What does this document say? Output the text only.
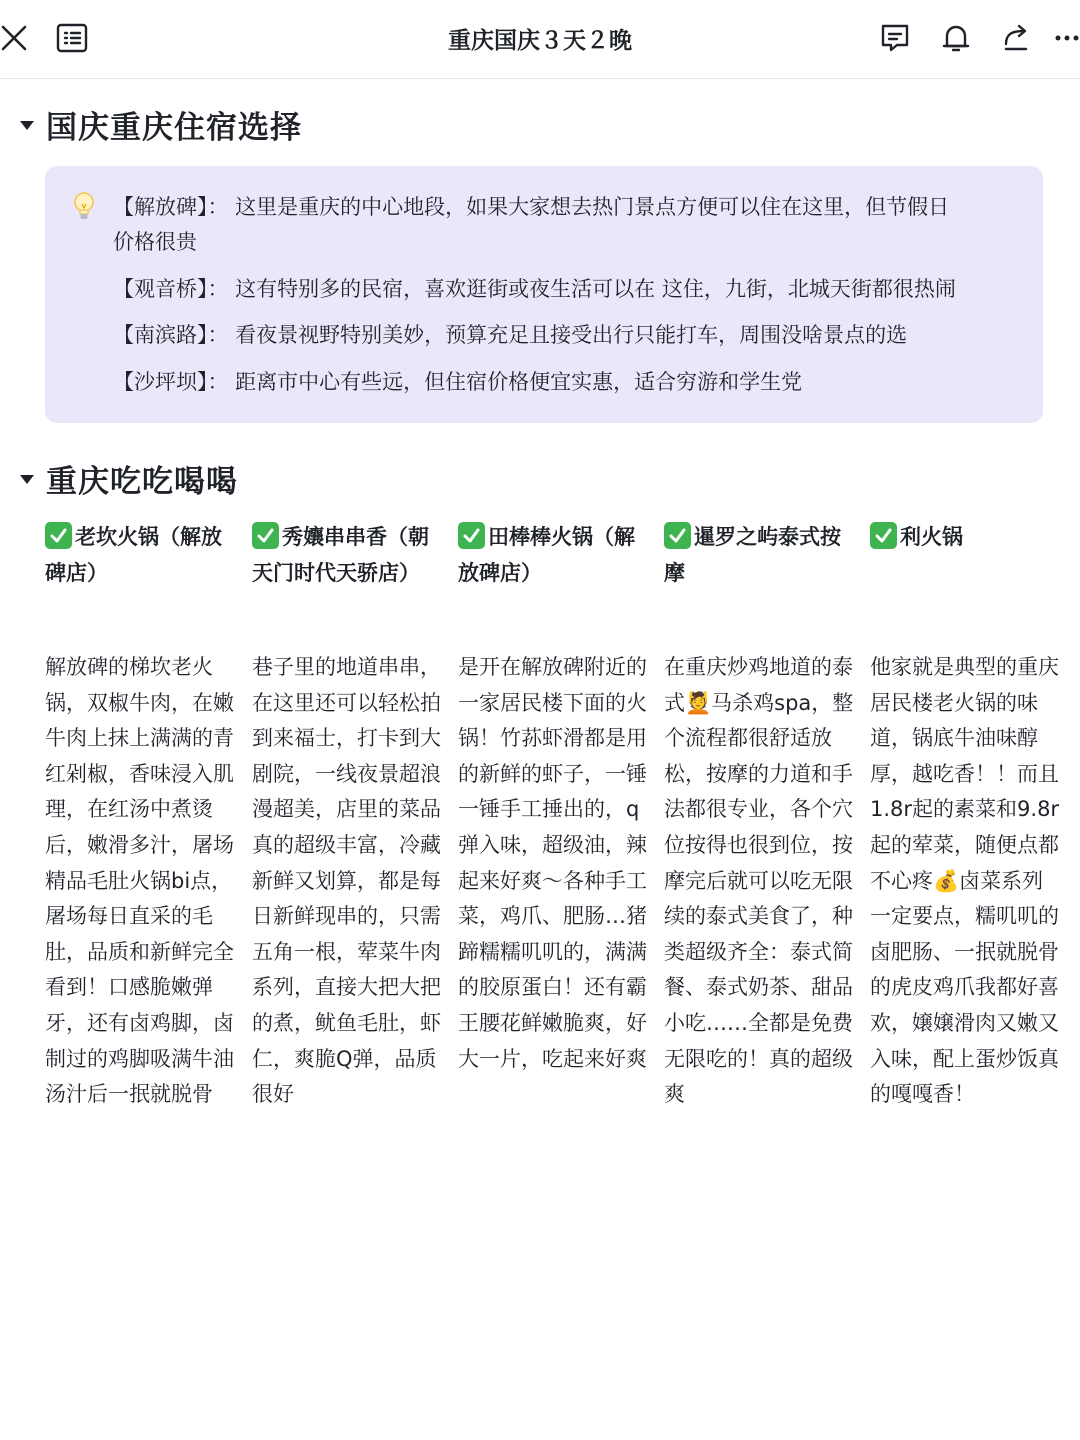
重庆国庆３天２晚
国庆重庆住宿选择
【解放碑】： 这里是重庆的中心地段，如果大家想去热门景点方便可以住在这里，但节假日
价格很贵
【观音桥】： 这有特别多的民宿，喜欢逛街或夜生活可以在 这住，九街，北城天街都很热闹
【南滨路】： 看夜景视野特别美妙，预算充足且接受出行只能打车，周围没啥景点的选
【沙坪坝】： 距离市中心有些远，但住宿价格便宜实惠，适合穷游和学生党
重庆吃吃喝喝
老坎火锅（解放碑店）
解放碑的梯坎老火锅，双椒牛肉，在嫩牛肉上抹上满满的青红剁椒，香味浸入肌理，在红汤中煮烫后，嫩滑多汁，屠场精品毛肚火锅bi点，屠场每日直采的毛肚，品质和新鲜完全看到！口感脆嫩弹牙，还有卤鸡脚，卤制过的鸡脚吸满牛油汤汁后一抿就脱骨
秀孃串串香（朝天门时代天骄店）
巷子里的地道串串，在这里还可以轻松拍到来福士，打卡到大剧院，一线夜景超浪漫超美，店里的菜品真的超级丰富，冷藏新鲜又划算，都是每日新鲜现串的，只需五角一根，荤菜牛肉系列，直接大把大把的煮，鱿鱼毛肚，虾仁，爽脆Q弹，品质很好
田棒棒火锅（解放碑店）
是开在解放碑附近的一家居民楼下面的火锅！竹荪虾滑都是用的新鲜的虾子，一锤一锤手工捶出的，q弹入味，超级油，辣起来好爽～各种手工菜，鸡爪、肥肠…猪蹄糯糯叽叽的，满满的胶原蛋白！还有霸王腰花鲜嫩脆爽，好大一片，吃起来好爽
暹罗之屿泰式按摩
在重庆炒鸡地道的泰式💆马杀鸡spa，整个流程都很舒适放松，按摩的力道和手法都很专业，各个穴位按得也很到位，按摩完后就可以吃无限续的泰式美食了，种类超级齐全：泰式简餐、泰式奶茶、甜品小吃……全都是免费无限吃的！真的超级爽
利火锅
他家就是典型的重庆居民楼老火锅的味道，锅底牛油味醇厚，越吃香！！而且1.8r起的素菜和9.8r起的荤菜，随便点都不心疼💰卤菜系列一定要点，糯叽叽的卤肥肠、一抿就脱骨的虎皮鸡爪我都好喜欢，嬢嬢滑肉又嫩又入味，配上蛋炒饭真的嘎嘎香！
